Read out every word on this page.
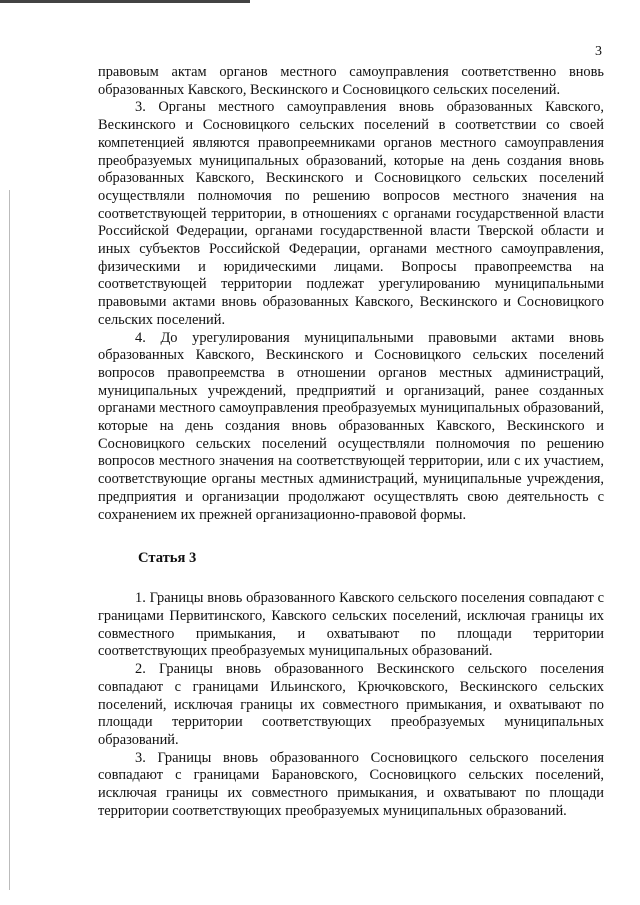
3

правовым актам органов местного самоуправления соответственно вновь образованных Кавского, Вескинского и Сосновицкого сельских поселений.

3. Органы местного самоуправления вновь образованных Кавского, Вескинского и Сосновицкого сельских поселений в соответствии со своей компетенцией являются правопреемниками органов местного самоуправления преобразуемых муниципальных образований, которые на день создания вновь образованных Кавского, Вескинского и Сосновицкого сельских поселений осуществляли полномочия по решению вопросов местного значения на соответствующей территории, в отношениях с органами государственной власти Российской Федерации, органами государственной власти Тверской области и иных субъектов Российской Федерации, органами местного самоуправления, физическими и юридическими лицами. Вопросы правопреемства на соответствующей территории подлежат урегулированию муниципальными правовыми актами вновь образованных Кавского, Вескинского и Сосновицкого сельских поселений.

4. До урегулирования муниципальными правовыми актами вновь образованных Кавского, Вескинского и Сосновицкого сельских поселений вопросов правопреемства в отношении органов местных администраций, муниципальных учреждений, предприятий и организаций, ранее созданных органами местного самоуправления преобразуемых муниципальных образований, которые на день создания вновь образованных Кавского, Вескинского и Сосновицкого сельских поселений осуществляли полномочия по решению вопросов местного значения на соответствующей территории, или с их участием, соответствующие органы местных администраций, муниципальные учреждения, предприятия и организации продолжают осуществлять свою деятельность с сохранением их прежней организационно-правовой формы.

Статья 3

1. Границы вновь образованного Кавского сельского поселения совпадают с границами Первитинского, Кавского сельских поселений, исключая границы их совместного примыкания, и охватывают по площади территории соответствующих преобразуемых муниципальных образований.

2. Границы вновь образованного Вескинского сельского поселения совпадают с границами Ильинского, Крючковского, Вескинского сельских поселений, исключая границы их совместного примыкания, и охватывают по площади территории соответствующих преобразуемых муниципальных образований.

3. Границы вновь образованного Сосновицкого сельского поселения совпадают с границами Барановского, Сосновицкого сельских поселений, исключая границы их совместного примыкания, и охватывают по площади территории соответствующих преобразуемых муниципальных образований.
